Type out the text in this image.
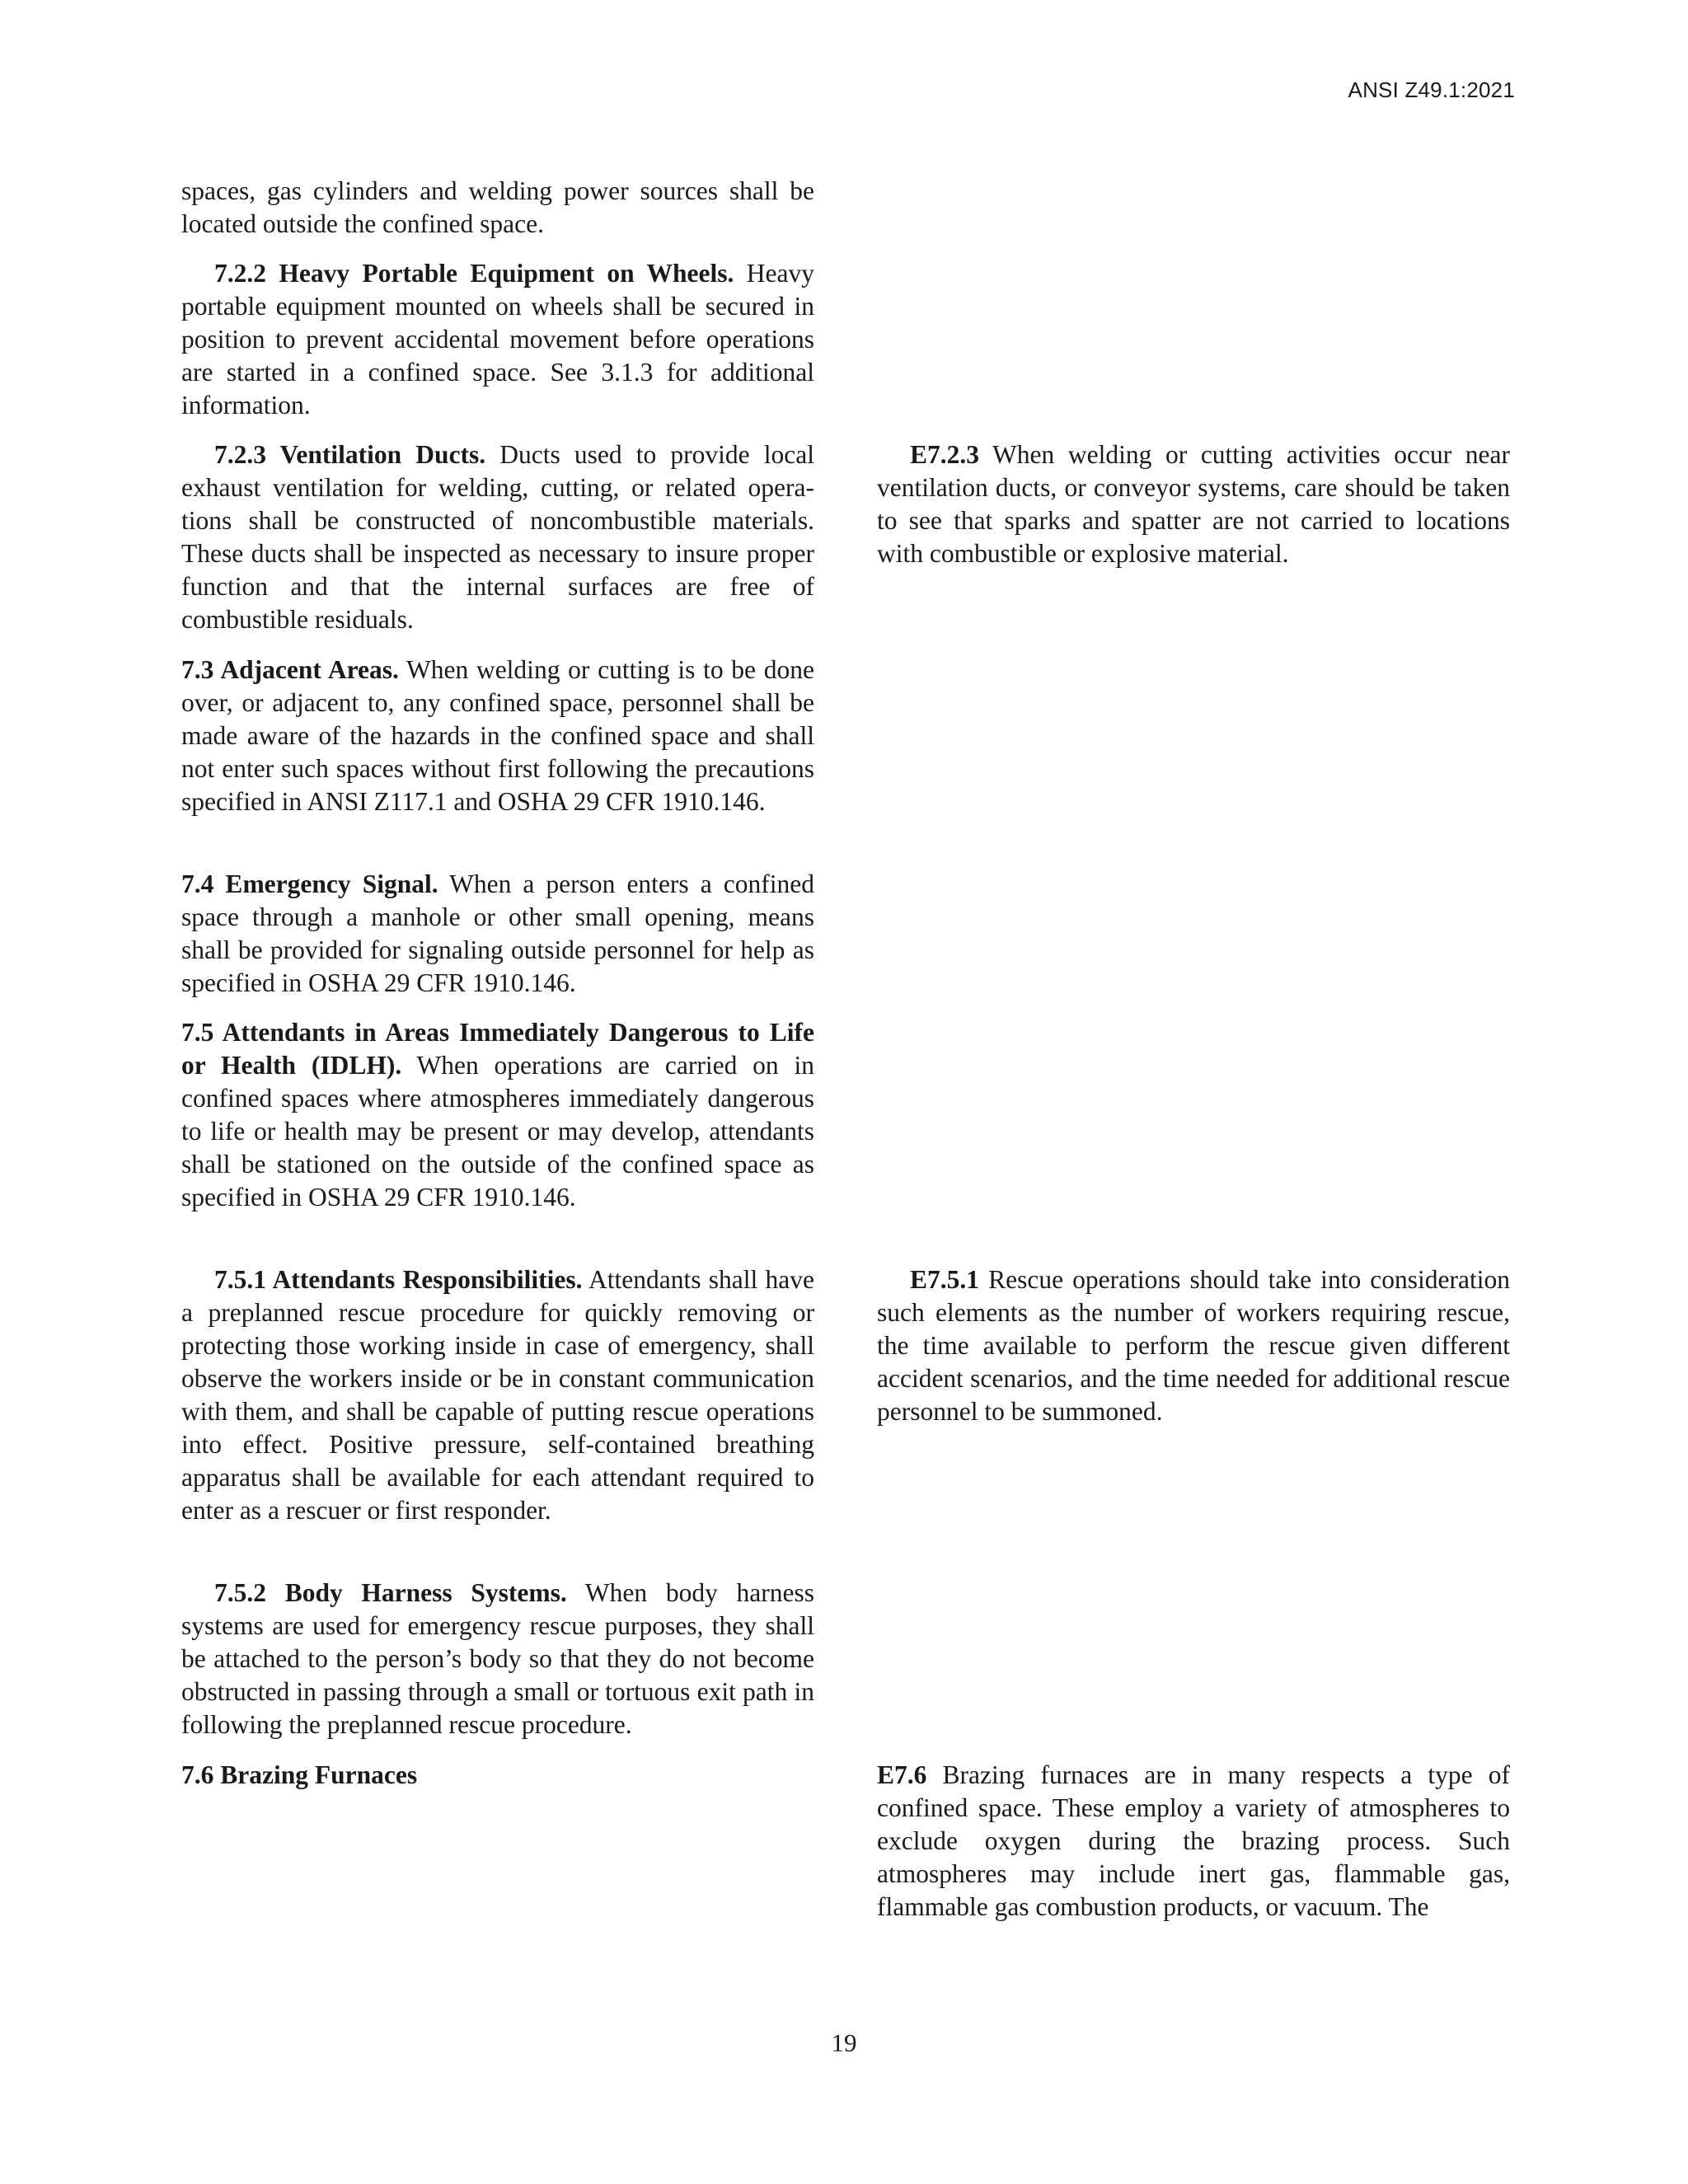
ANSI Z49.1:2021

spaces, gas cylinders and welding power sources shall be located outside the confined space.

7.2.2 Heavy Portable Equipment on Wheels. Heavy portable equipment mounted on wheels shall be secured in position to prevent accidental movement before operations are started in a confined space. See 3.1.3 for additional information.

7.2.3 Ventilation Ducts. Ducts used to provide local exhaust ventilation for welding, cutting, or related operations shall be constructed of noncombustible materials. These ducts shall be inspected as necessary to insure proper function and that the internal surfaces are free of combustible residuals.

7.3 Adjacent Areas. When welding or cutting is to be done over, or adjacent to, any confined space, personnel shall be made aware of the hazards in the confined space and shall not enter such spaces without first following the precautions specified in ANSI Z117.1 and OSHA 29 CFR 1910.146.

7.4 Emergency Signal. When a person enters a confined space through a manhole or other small opening, means shall be provided for signaling outside personnel for help as specified in OSHA 29 CFR 1910.146.

7.5 Attendants in Areas Immediately Dangerous to Life or Health (IDLH). When operations are carried on in confined spaces where atmospheres immediately dangerous to life or health may be present or may develop, attendants shall be stationed on the outside of the confined space as specified in OSHA 29 CFR 1910.146.

7.5.1 Attendants Responsibilities. Attendants shall have a preplanned rescue procedure for quickly removing or protecting those working inside in case of emergency, shall observe the workers inside or be in constant communication with them, and shall be capable of putting rescue operations into effect. Positive pressure, self-contained breathing apparatus shall be available for each attendant required to enter as a rescuer or first responder.

7.5.2 Body Harness Systems. When body harness systems are used for emergency rescue purposes, they shall be attached to the person’s body so that they do not become obstructed in passing through a small or tortuous exit path in following the preplanned rescue procedure.

7.6 Brazing Furnaces

E7.2.3 When welding or cutting activities occur near ventilation ducts, or conveyor systems, care should be taken to see that sparks and spatter are not carried to locations with combustible or explosive material.

E7.5.1 Rescue operations should take into consideration such elements as the number of workers requiring rescue, the time available to perform the rescue given different accident scenarios, and the time needed for additional rescue personnel to be summoned.

E7.6 Brazing furnaces are in many respects a type of confined space. These employ a variety of atmospheres to exclude oxygen during the brazing process. Such atmospheres may include inert gas, flammable gas, flammable gas combustion products, or vacuum. The

19
